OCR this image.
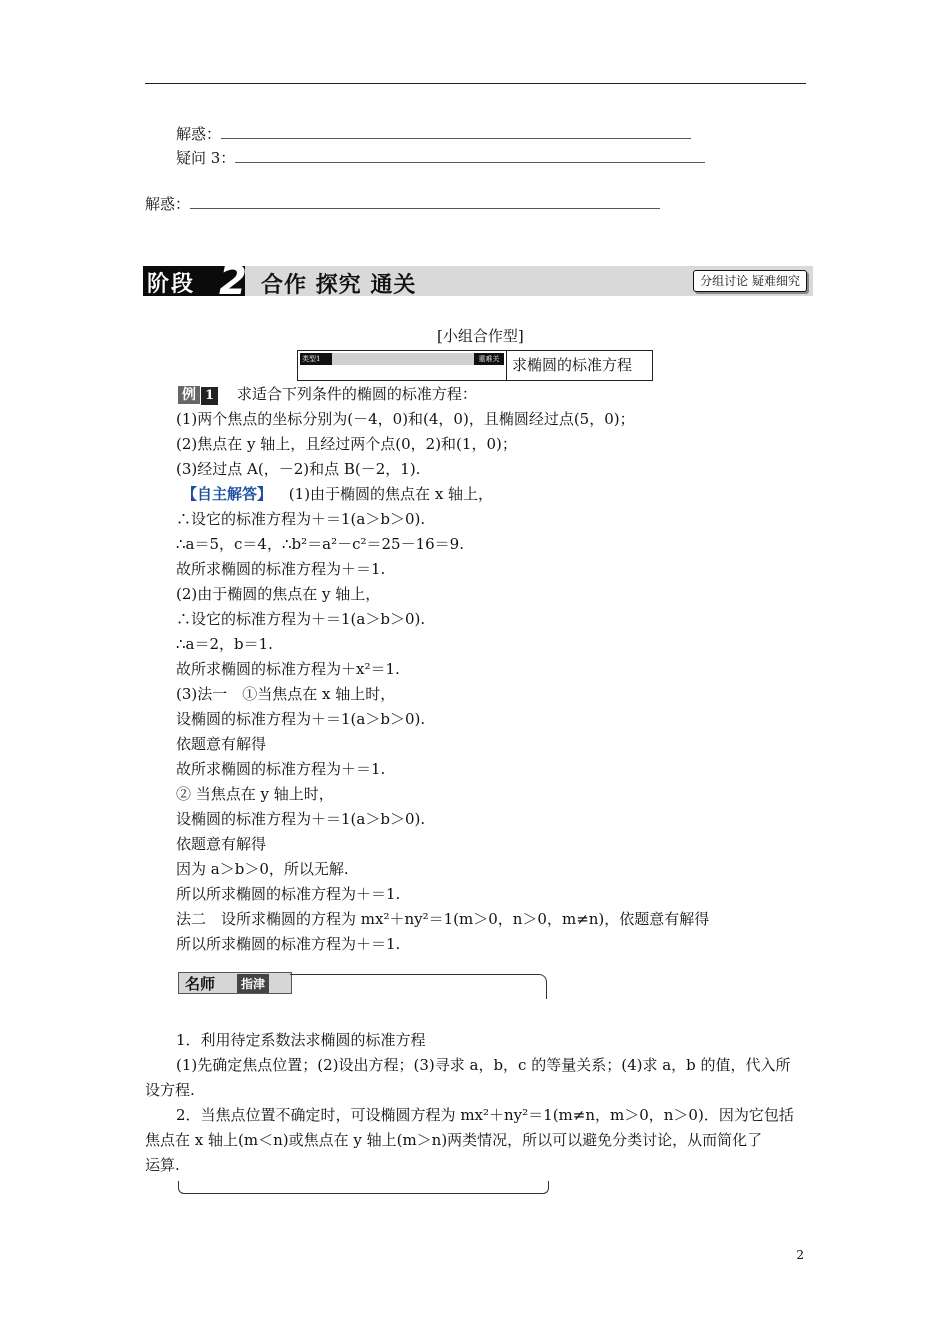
解惑：
疑问 3：
解惑：
阶段 2 合作 探究 通关	分组讨论 疑难细究
[小组合作型]
类型1	重难关 求椭圆的标准方程
例 1 求适合下列条件的椭圆的标准方程：
(1)两个焦点的坐标分别为(－4，0)和(4，0)，且椭圆经过点(5，0)；
(2)焦点在 y 轴上，且经过两个点(0，2)和(1，0)；
(3)经过点 A(，－2)和点 B(－2，1).
【自主解答】 (1)由于椭圆的焦点在 x 轴上，
∴设它的标准方程为＋＝1(a＞b＞0).
∴a＝5，c＝4，∴b²＝a²－c²＝25－16＝9.
故所求椭圆的标准方程为＋＝1.
(2)由于椭圆的焦点在 y 轴上，
∴设它的标准方程为＋＝1(a＞b＞0).
∴a＝2，b＝1.
故所求椭圆的标准方程为＋x²＝1.
(3)法一　①当焦点在 x 轴上时，
设椭圆的标准方程为＋＝1(a＞b＞0).
依题意有解得
故所求椭圆的标准方程为＋＝1.
② 当焦点在 y 轴上时，
设椭圆的标准方程为＋＝1(a＞b＞0).
依题意有解得
因为 a＞b＞0，所以无解.
所以所求椭圆的标准方程为＋＝1.
法二　设所求椭圆的方程为 mx²＋ny²＝1(m＞0，n＞0，m≠n)，依题意有解得
所以所求椭圆的标准方程为＋＝1.
名师	指津
1．利用待定系数法求椭圆的标准方程
(1)先确定焦点位置；(2)设出方程；(3)寻求 a，b，c 的等量关系；(4)求 a，b 的值，代入所
设方程.
2．当焦点位置不确定时，可设椭圆方程为 mx²＋ny²＝1(m≠n，m＞0，n＞0)．因为它包括
焦点在 x 轴上(m＜n)或焦点在 y 轴上(m＞n)两类情况，所以可以避免分类讨论，从而简化了
运算.
2
